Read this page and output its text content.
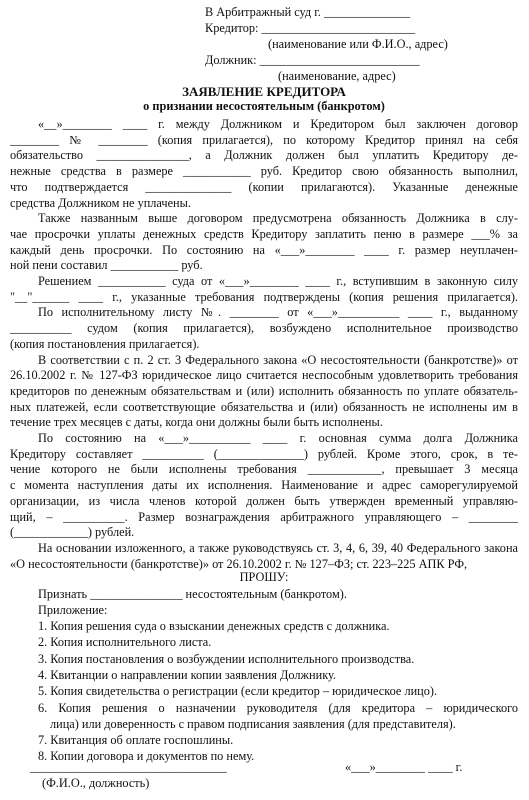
В Арбитражный суд г. ______________

Кредитор: _________________________

(наименование или Ф.И.О., адрес)

Должник: __________________________

(наименование, адрес)

ЗАЯВЛЕНИЕ КРЕДИТОРА

о признании несостоятельным (банкротом)

«__»________ ____ г. между Должником и Кредитором был заключен договор

________ № ________ (копия прилагается), по которому Кредитор принял на себя

обязательство _______________, а Должник должен был уплатить Кредитору де-

нежные средства в размере ___________ руб. Кредитор свою обязанность выполнил,

что подтверждается ______________ (копии прилагаются). Указанные денежные

средства Должником не уплачены.

Также названным выше договором предусмотрена обязанность Должника в слу-

чае просрочки уплаты денежных средств Кредитору заплатить пеню в размере ___% за

каждый день просрочки. По состоянию на «___»________ ____ г. размер неуплачен-

ной пени составил ___________ руб.

Решением ___________ суда от «___»________ ____ г., вступившим в законную силу

"__"______ ____ г., указанные требования подтверждены (копия решения прилагается).

По исполнительному листу №. ________ от «___»__________ ____ г., выданному

__________ судом (копия прилагается), возбуждено исполнительное производство

(копия постановления прилагается).

В соответствии с п. 2 ст. 3 Федерального закона «О несостоятельности (банкротстве)» от

26.10.2002 г. № 127-ФЗ юридическое лицо считается неспособным удовлетворить требования

кредиторов по денежным обязательствам и (или) исполнить обязанность по уплате обязатель-

ных платежей, если соответствующие обязательства и (или) обязанность не исполнены им в

течение трех месяцев с даты, когда они должны были быть исполнены.

По состоянию на «___»__________ ____ г. основная сумма долга Должника

Кредитору составляет __________ (______________) рублей. Кроме этого, срок, в те-

чение которого не были исполнены требования ____________, превышает 3 месяца

с момента наступления даты их исполнения. Наименование и адрес саморегулируемой

организации, из числа членов которой должен быть утвержден временный управляю-

щий, – __________. Размер вознаграждения арбитражного управляющего – ________

(____________) рублей.

На основании изложенного, а также руководствуясь ст. 3, 4, 6, 39, 40 Федерального закона

«О несостоятельности (банкротстве)» от 26.10.2002 г. № 127–ФЗ; ст. 223–225 АПК РФ,

ПРОШУ:

Признать _______________ несостоятельным (банкротом).

Приложение:

1. Копия решения суда о взыскании денежных средств с должника.

2. Копия исполнительного листа.

3. Копия постановления о возбуждении исполнительного производства.

4. Квитанции о направлении копии заявления Должнику.

5. Копия свидетельства о регистрации (если кредитор – юридическое лицо).

6. Копия решения о назначении руководителя (для кредитора – юридического

лица) или доверенность с правом подписания заявления (для представителя).

7. Квитанция об оплате госпошлины.

8. Копии договора и документов по нему.

________________________________	«___»________ ____ г.

(Ф.И.О., должность)
